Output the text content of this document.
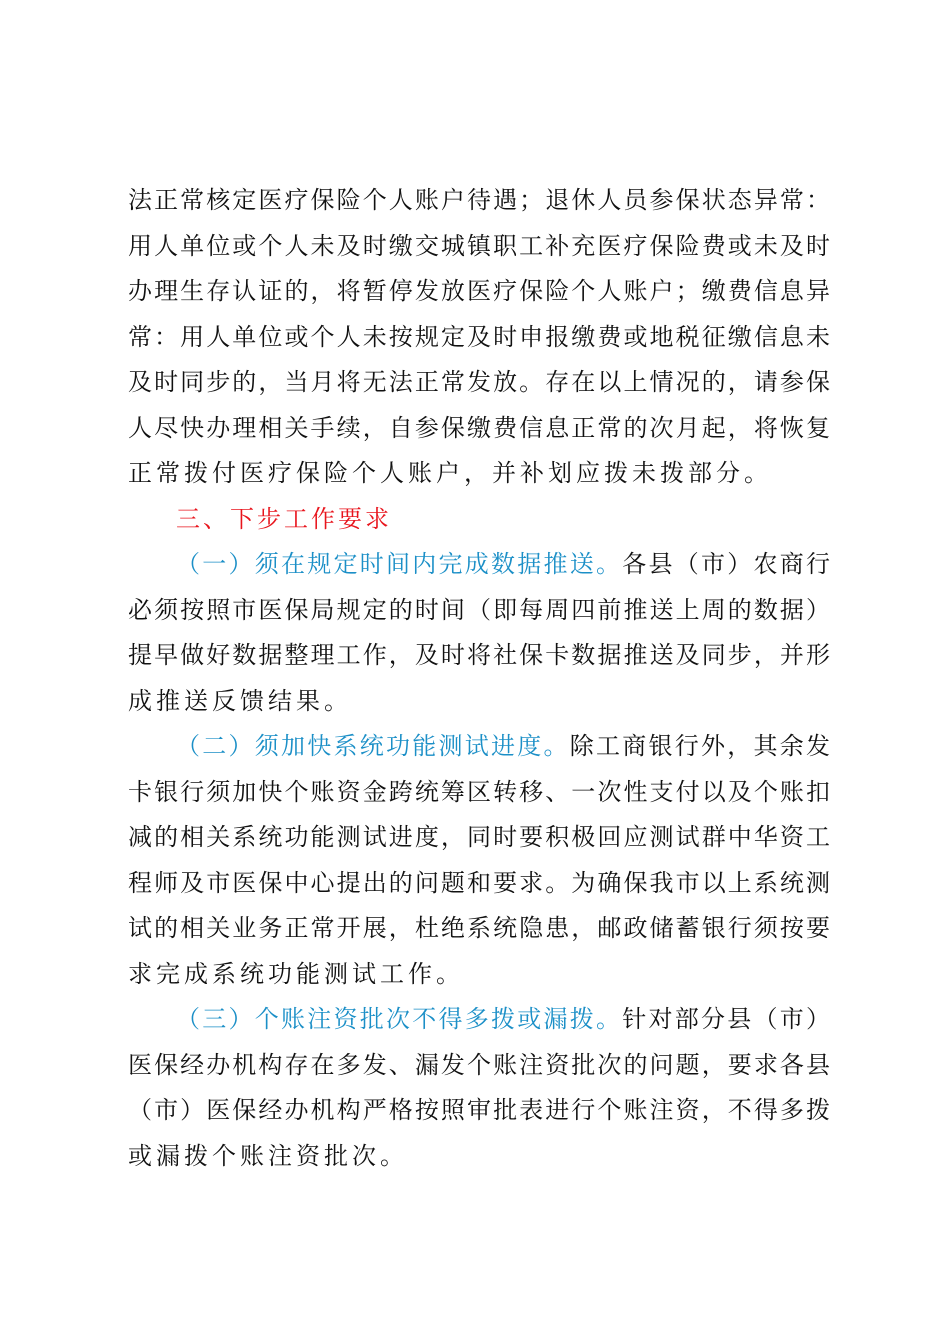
法正常核定医疗保险个人账户待遇；退休人员参保状态异常：
用人单位或个人未及时缴交城镇职工补充医疗保险费或未及时
办理生存认证的，将暂停发放医疗保险个人账户；缴费信息异
常：用人单位或个人未按规定及时申报缴费或地税征缴信息未
及时同步的，当月将无法正常发放。存在以上情况的，请参保
人尽快办理相关手续，自参保缴费信息正常的次月起，将恢复
正常拨付医疗保险个人账户，并补划应拨未拨部分。
三、下步工作要求
（一）须在规定时间内完成数据推送。各县（市）农商行
必须按照市医保局规定的时间（即每周四前推送上周的数据）
提早做好数据整理工作，及时将社保卡数据推送及同步，并形
成推送反馈结果。
（二）须加快系统功能测试进度。除工商银行外，其余发
卡银行须加快个账资金跨统筹区转移、一次性支付以及个账扣
减的相关系统功能测试进度，同时要积极回应测试群中华资工
程师及市医保中心提出的问题和要求。为确保我市以上系统测
试的相关业务正常开展，杜绝系统隐患，邮政储蓄银行须按要
求完成系统功能测试工作。
（三）个账注资批次不得多拨或漏拨。针对部分县（市）
医保经办机构存在多发、漏发个账注资批次的问题，要求各县
（市）医保经办机构严格按照审批表进行个账注资，不得多拨
或漏拨个账注资批次。
